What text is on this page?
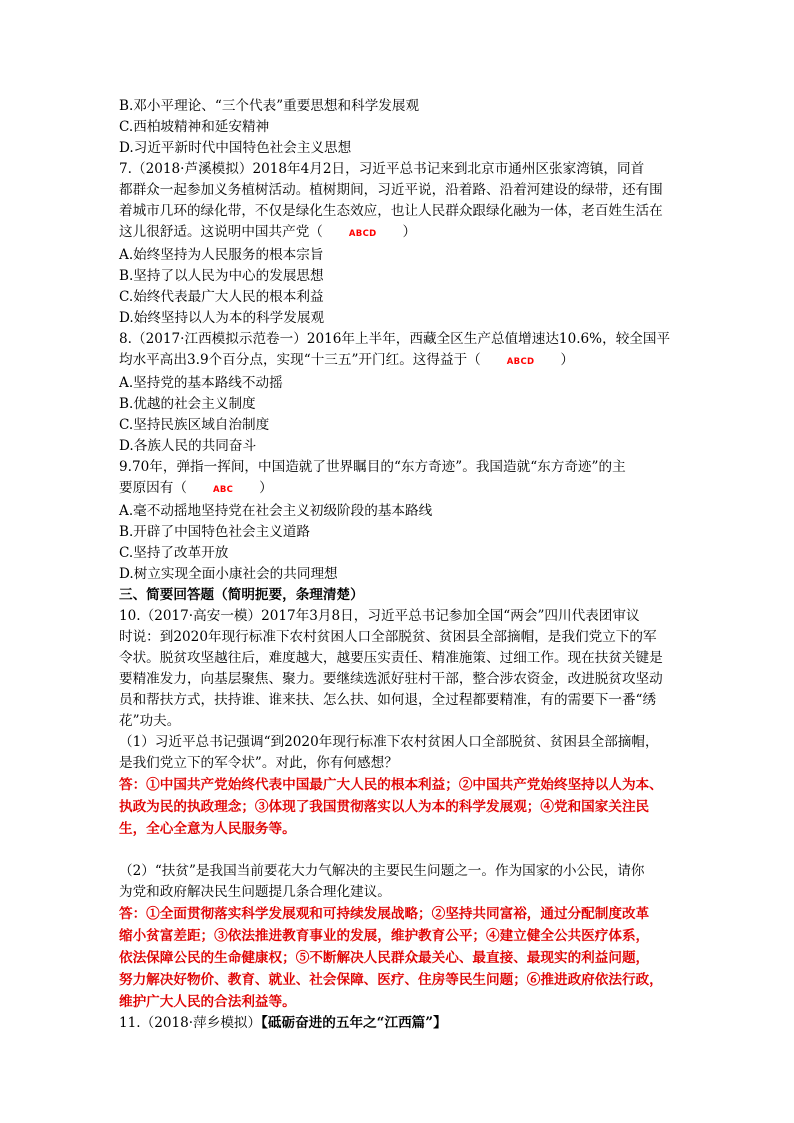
B.邓小平理论、“三个代表”重要思想和科学发展观
C.西柏坡精神和延安精神
D.习近平新时代中国特色社会主义思想
7.（2018·芦溪模拟）2018年4月2日，习近平总书记来到北京市通州区张家湾镇，同首
都群众一起参加义务植树活动。植树期间，习近平说，沿着路、沿着河建设的绿带，还有围
着城市几环的绿化带，不仅是绿化生态效应，也让人民群众跟绿化融为一体，老百姓生活在
这儿很舒适。这说明中国共产党（	ABCD ）
A.始终坚持为人民服务的根本宗旨
B.坚持了以人民为中心的发展思想
C.始终代表最广大人民的根本利益
D.始终坚持以人为本的科学发展观
8.（2017·江西模拟示范卷一）2016年上半年，西藏全区生产总值增速达10.6%，较全国平
均水平高出3.9个百分点，实现“十三五”开门红。这得益于（	ABCD ）
A.坚持党的基本路线不动摇
B.优越的社会主义制度
C.坚持民族区域自治制度
D.各族人民的共同奋斗
9.70年，弹指一挥间，中国造就了世界瞩目的“东方奇迹”。我国造就“东方奇迹”的主
要原因有（	ABC ）
A.毫不动摇地坚持党在社会主义初级阶段的基本路线
B.开辟了中国特色社会主义道路
C.坚持了改革开放
D.树立实现全面小康社会的共同理想
三、简要回答题（简明扼要，条理清楚）
10.（2017·高安一模）2017年3月8日，习近平总书记参加全国“两会”四川代表团审议
时说：到2020年现行标准下农村贫困人口全部脱贫、贫困县全部摘帽，是我们党立下的军
令状。脱贫攻坚越往后，难度越大，越要压实责任、精准施策、过细工作。现在扶贫关键是
要精准发力，向基层聚焦、聚力。要继续选派好驻村干部，整合涉农资金，改进脱贫攻坚动
员和帮扶方式，扶持谁、谁来扶、怎么扶、如何退，全过程都要精准，有的需要下一番“绣
花”功夫。
（1）习近平总书记强调“到2020年现行标准下农村贫困人口全部脱贫、贫困县全部摘帽，
是我们党立下的军令状”。对此，你有何感想？
答：①中国共产党始终代表中国最广大人民的根本利益；②中国共产党始终坚持以人为本、
执政为民的执政理念；③体现了我国贯彻落实以人为本的科学发展观；④党和国家关注民
生，全心全意为人民服务等。
（2）“扶贫”是我国当前要花大力气解决的主要民生问题之一。作为国家的小公民，请你
为党和政府解决民生问题提几条合理化建议。
答：①全面贯彻落实科学发展观和可持续发展战略；②坚持共同富裕，通过分配制度改革
缩小贫富差距；③依法推进教育事业的发展，维护教育公平；④建立健全公共医疗体系，
依法保障公民的生命健康权；⑤不断解决人民群众最关心、最直接、最现实的利益问题，
努力解决好物价、教育、就业、社会保障、医疗、住房等民生问题；⑥推进政府依法行政，
维护广大人民的合法利益等。
11.（2018·萍乡模拟）【砥砺奋进的五年之“江西篇”】
